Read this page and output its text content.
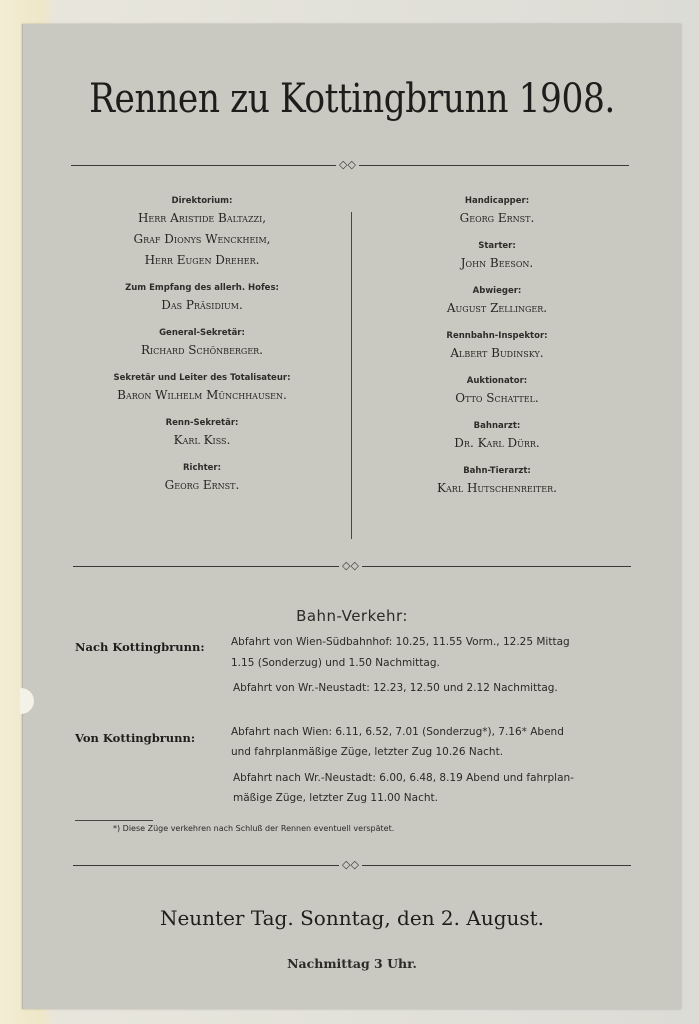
Rennen zu Kottingbrunn 1908.
◇◇
Direktorium:
Herr Aristide Baltazzi,
Graf Dionys Wenckheim,
Herr Eugen Dreher.
Zum Empfang des allerh. Hofes:
Das Präsidium.
General-Sekretär:
Richard Schönberger.
Sekretär und Leiter des Totalisateur:
Baron Wilhelm Münchhausen.
Renn-Sekretär:
Karl Kiss.
Richter:
Georg Ernst.
Handicapper:
Georg Ernst.
Starter:
John Beeson.
Abwieger:
August Zellinger.
Rennbahn-Inspektor:
Albert Budinsky.
Auktionator:
Otto Schattel.
Bahnarzt:
Dr. Karl Dürr.
Bahn-Tierarzt:
Karl Hutschenreiter.
◇◇
Bahn-Verkehr:
Nach Kottingbrunn:	Abfahrt von Wien-Südbahnhof: 10.25, 11.55 Vorm., 12.25 Mittag
1.15 (Sonderzug) und 1.50 Nachmittag.
Abfahrt von Wr.-Neustadt: 12.23, 12.50 und 2.12 Nachmittag.
Von Kottingbrunn:	Abfahrt nach Wien: 6.11, 6.52, 7.01 (Sonderzug*), 7.16* Abend
und fahrplanmäßige Züge, letzter Zug 10.26 Nacht.
Abfahrt nach Wr.-Neustadt: 6.00, 6.48, 8.19 Abend und fahrplan-
mäßige Züge, letzter Zug 11.00 Nacht.
*) Diese Züge verkehren nach Schluß der Rennen eventuell verspätet.
◇◇
Neunter Tag. Sonntag, den 2. August.
Nachmittag 3 Uhr.
